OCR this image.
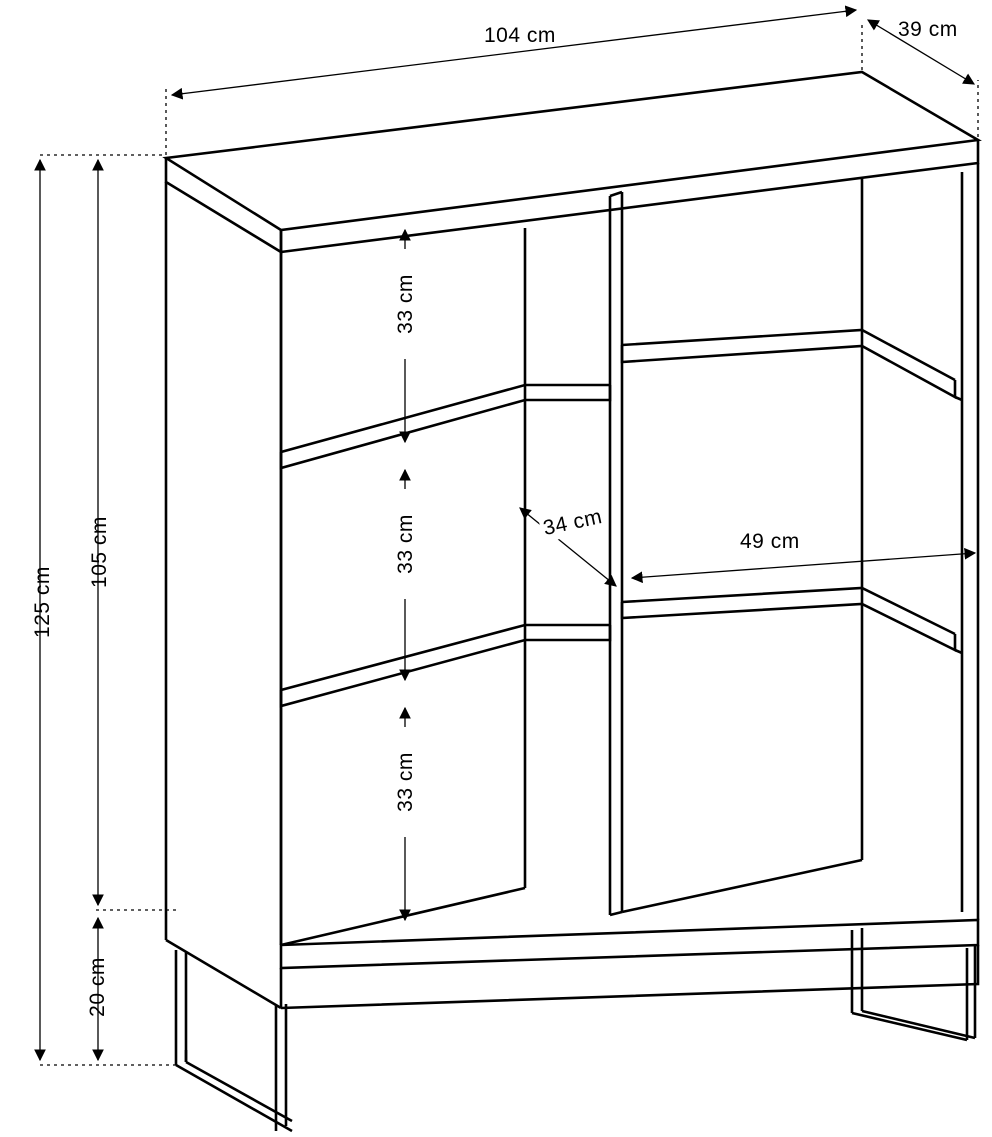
104 cm	39 cm
125 cm
105 cm
20 cm
33 cm
33 cm
33 cm
34 cm
49 cm
